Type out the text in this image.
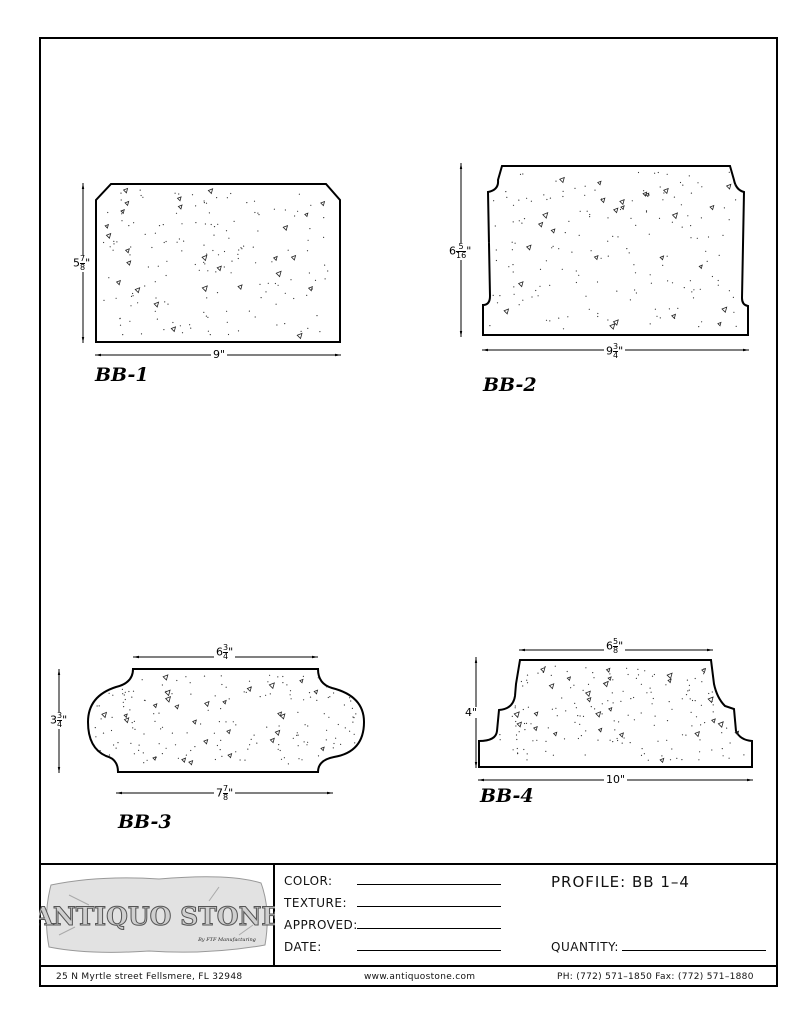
BB-1	BB-2
BB-3
BB-4
$5 \frac{7}{8}$ "
9"
$6 \frac{5}{16}$ "
$9 \frac{3}{4}$ "
$3 \frac{3}{4}$ "
$6 \frac{3}{4}$ "
$7 \frac{7}{8}$ "
4"
$6 \frac{5}{8}$ "
10"
ANTIQUO STONE
By FTF Manufacturing
COLOR:
TEXTURE:
APPROVED:
DATE:
PROFILE: BB 1–4
QUANTITY:
25 N Myrtle street Fellsmere, FL 32948	www.antiquostone.com	PH: (772) 571–1850 Fax: (772) 571–1880
